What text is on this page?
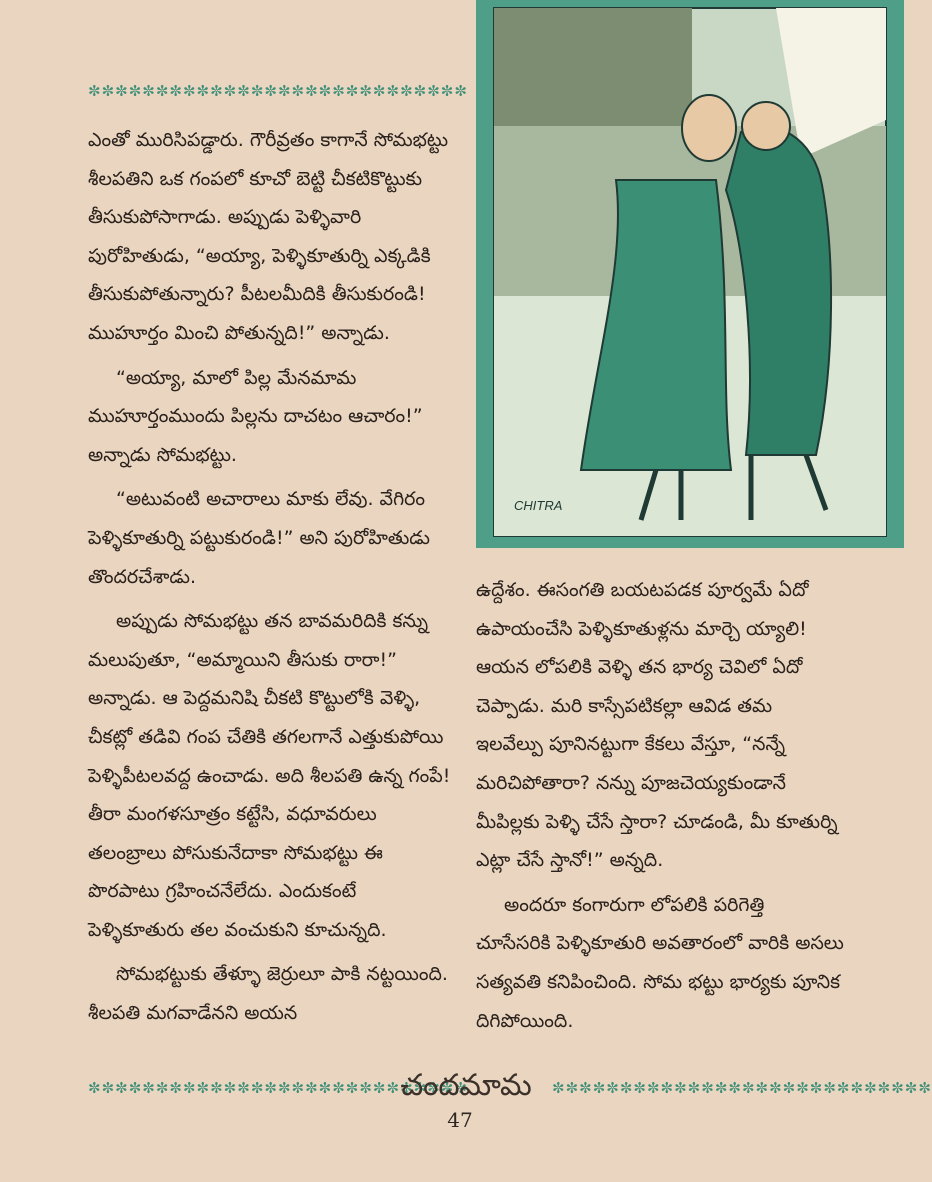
✼✼✼✼✼✼✼✼✼✼✼✼✼✼✼✼✼✼✼✼✼✼✼✼✼✼✼✼

ఎంతో మురిసిపడ్డారు. గౌరీవ్రతం కాగానే సోమభట్టు శీలపతిని ఒక గంపలో కూచో బెట్టి చీకటికొట్టుకు తీసుకుపోసాగాడు. అప్పుడు పెళ్ళివారి పురోహితుడు, “అయ్యా, పెళ్ళికూతుర్ని ఎక్కడికి తీసుకుపోతున్నారు? పీటలమీదికి తీసుకురండి! ముహూర్తం మించి పోతున్నది!” అన్నాడు.

“అయ్యా, మాలో పిల్ల మేనమామ ముహూర్తంముందు పిల్లను దాచటం ఆచారం!” అన్నాడు సోమభట్టు.

“అటువంటి అచారాలు మాకు లేవు. వేగిరం పెళ్ళికూతుర్ని పట్టుకురండి!” అని పురోహితుడు తొందరచేశాడు.

అప్పుడు సోమభట్టు తన బావమరిదికి కన్ను మలుపుతూ, “అమ్మాయిని తీసుకు రారా!” అన్నాడు. ఆ పెద్దమనిషి చీకటి కొట్టులోకి వెళ్ళి, చీకట్లో తడివి గంప చేతికి తగలగానే ఎత్తుకుపోయి పెళ్ళిపీటలవద్ద ఉంచాడు. అది శీలపతి ఉన్న గంపే! తీరా మంగళసూత్రం కట్టేసి, వధూవరులు తలంబ్రాలు పోసుకునేదాకా సోమభట్టు ఈ పొరపాటు గ్రహించనేలేదు. ఎందుకంటే పెళ్ళికూతురు తల వంచుకుని కూచున్నది.

సోమభట్టుకు తేళ్ళూ జెర్రులూ పాకి నట్టయింది. శీలపతి మగవాడేనని అయన

CHITRA

ఉద్దేశం. ఈసంగతి బయటపడక పూర్వమే ఏదో ఉపాయంచేసి పెళ్ళికూతుళ్లను మార్చె య్యాలి! ఆయన లోపలికి వెళ్ళి తన భార్య చెవిలో ఏదో చెప్పాడు. మరి కాస్సేపటికల్లా ఆవిడ తమ ఇలవేల్పు పూనినట్టుగా కేకలు వేస్తూ, “నన్నే మరిచిపోతారా? నన్ను పూజచెయ్యకుండానే మీపిల్లకు పెళ్ళి చేసే స్తారా? చూడండి, మీ కూతుర్ని ఎట్లా చేసే స్తానో!” అన్నది.

అందరూ కంగారుగా లోపలికి పరిగెత్తి చూసేసరికి పెళ్ళికూతురి అవతారంలో వారికి అసలు సత్యవతి కనిపించింది. సోమ భట్టు భార్యకు పూనిక దిగిపోయింది.

✼✼✼✼✼✼✼✼✼✼✼✼✼✼✼✼✼✼✼✼✼✼✼✼✼✼✼✼
చందమామ	✼✼✼✼✼✼✼✼✼✼✼✼✼✼✼✼✼✼✼✼✼✼✼✼✼✼✼✼
47
